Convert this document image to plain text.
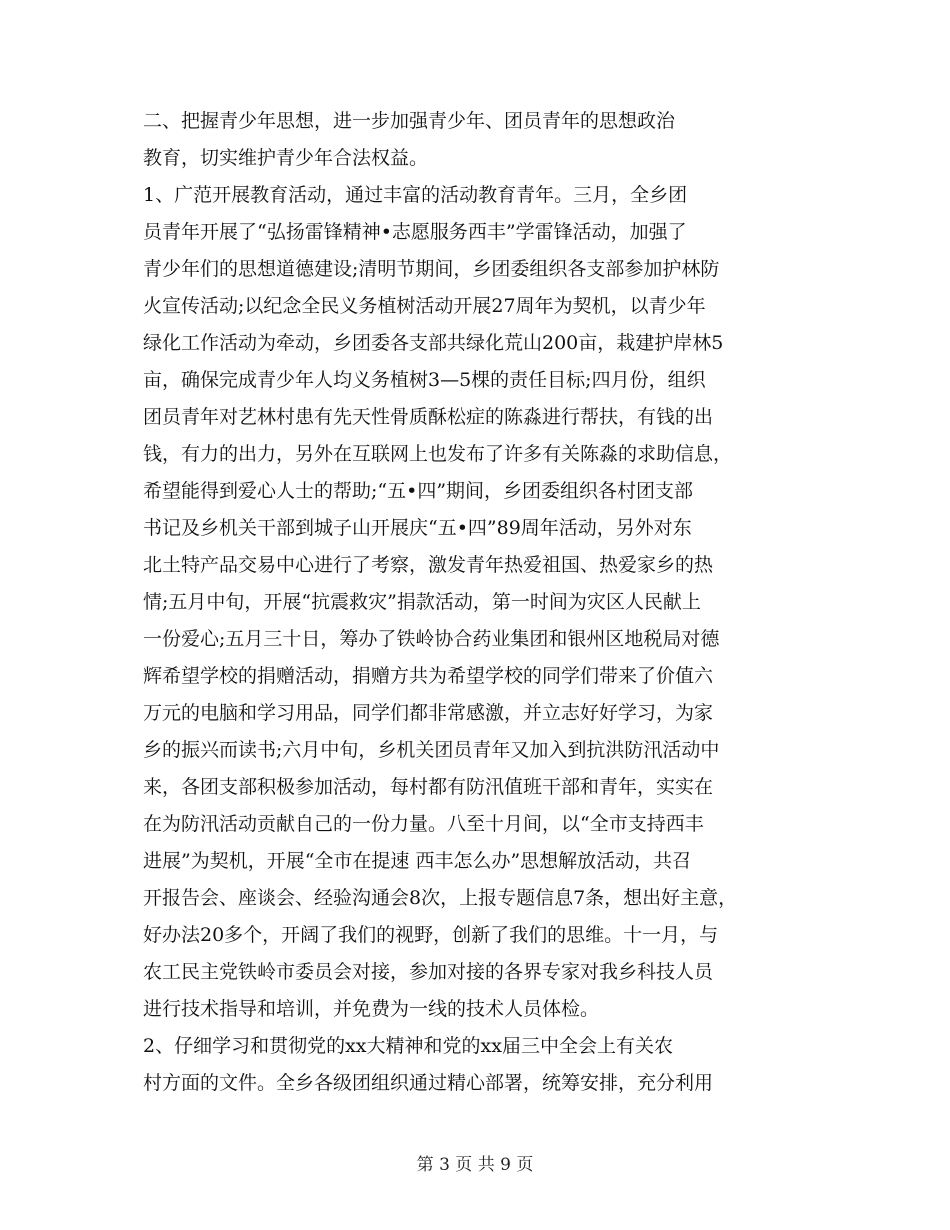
二、把握青少年思想，进一步加强青少年、团员青年的思想政治
教育，切实维护青少年合法权益。
1、广范开展教育活动，通过丰富的活动教育青年。三月，全乡团
员青年开展了“弘扬雷锋精神•志愿服务西丰”学雷锋活动，加强了
青少年们的思想道德建设;清明节期间，乡团委组织各支部参加护林防
火宣传活动;以纪念全民义务植树活动开展27周年为契机，以青少年
绿化工作活动为牵动，乡团委各支部共绿化荒山200亩，栽建护岸林5
亩，确保完成青少年人均义务植树3—5棵的责任目标;四月份，组织
团员青年对艺林村患有先天性骨质酥松症的陈淼进行帮扶，有钱的出
钱，有力的出力，另外在互联网上也发布了许多有关陈淼的求助信息，
希望能得到爱心人士的帮助;“五•四”期间，乡团委组织各村团支部
书记及乡机关干部到城子山开展庆“五•四”89周年活动，另外对东
北土特产品交易中心进行了考察，激发青年热爱祖国、热爱家乡的热
情;五月中旬，开展“抗震救灾”捐款活动，第一时间为灾区人民献上
一份爱心;五月三十日，筹办了铁岭协合药业集团和银州区地税局对德
辉希望学校的捐赠活动，捐赠方共为希望学校的同学们带来了价值六
万元的电脑和学习用品，同学们都非常感激，并立志好好学习，为家
乡的振兴而读书;六月中旬，乡机关团员青年又加入到抗洪防汛活动中
来，各团支部积极参加活动，每村都有防汛值班干部和青年，实实在
在为防汛活动贡献自己的一份力量。八至十月间，以“全市支持西丰
进展”为契机，开展“全市在提速 西丰怎么办”思想解放活动，共召
开报告会、座谈会、经验沟通会8次，上报专题信息7条，想出好主意，
好办法20多个，开阔了我们的视野，创新了我们的思维。十一月，与
农工民主党铁岭市委员会对接，参加对接的各界专家对我乡科技人员
进行技术指导和培训，并免费为一线的技术人员体检。
2、仔细学习和贯彻党的xx大精神和党的xx届三中全会上有关农
村方面的文件。全乡各级团组织通过精心部署，统筹安排，充分利用
第 3 页 共 9 页
